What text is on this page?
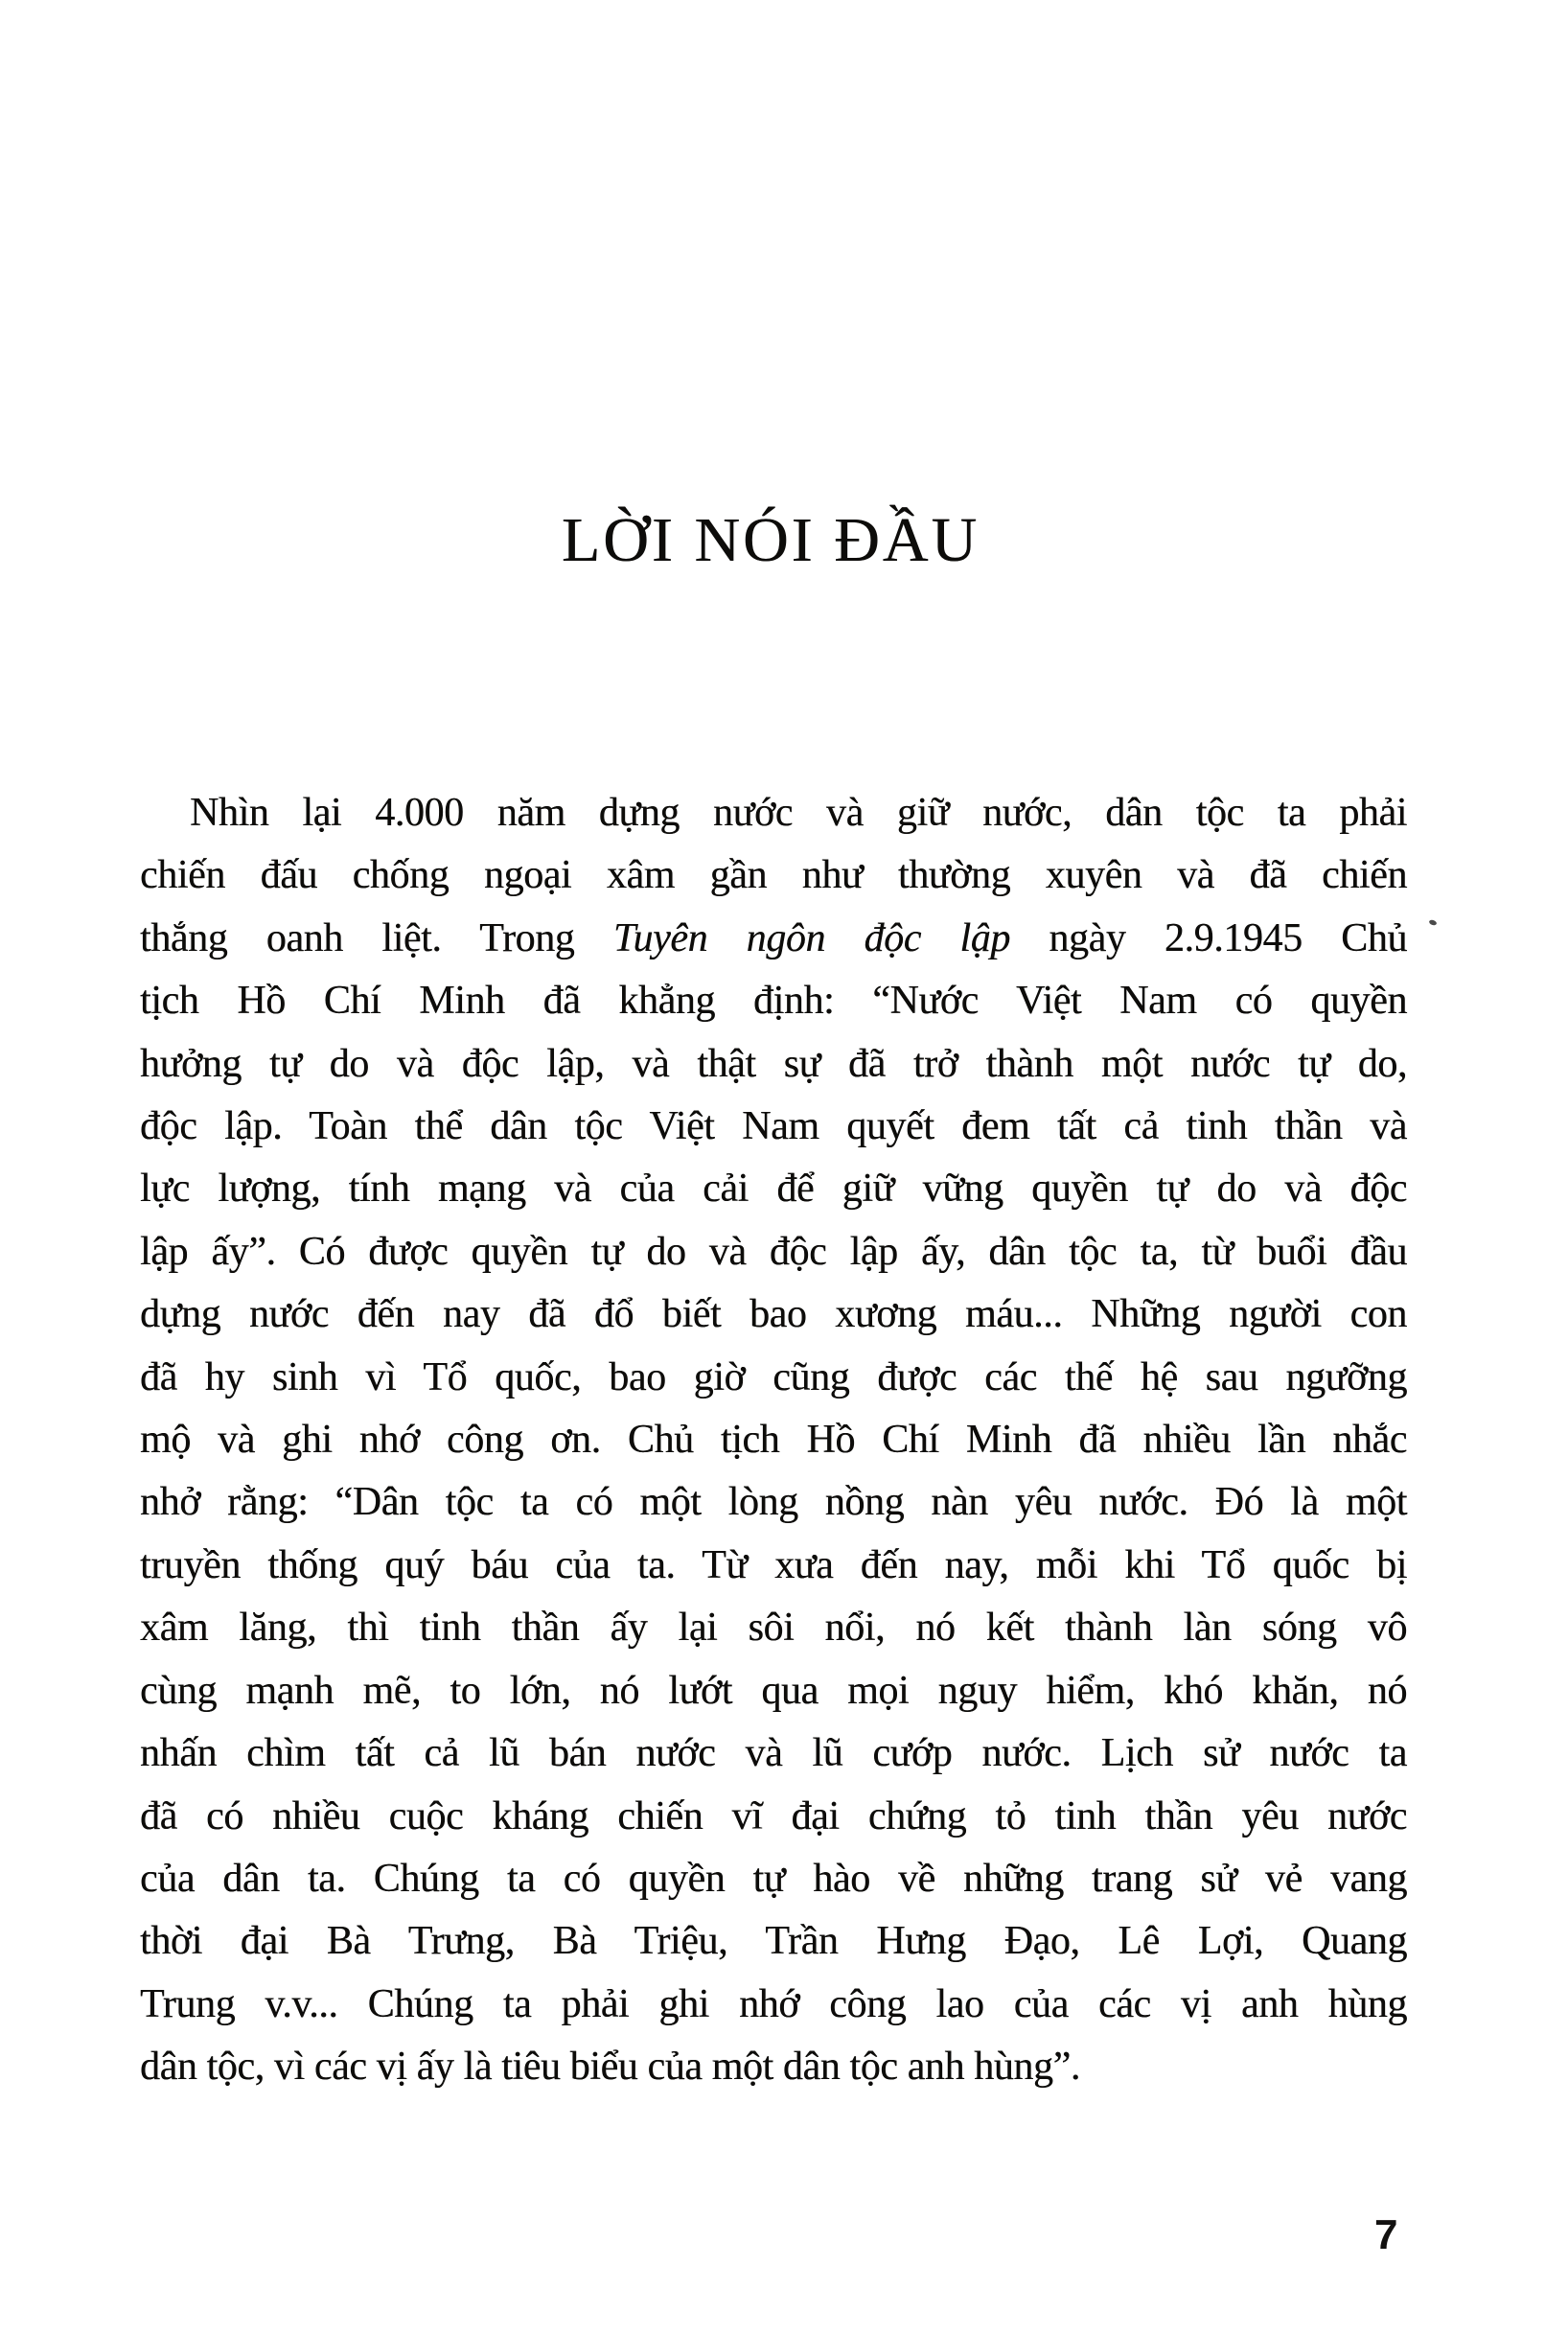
LỜI NÓI ĐẦU
Nhìn lại 4.000 năm dựng nước và giữ nước, dân tộc ta phải
chiến đấu chống ngoại xâm gần như thường xuyên và đã chiến
thắng oanh liệt. Trong Tuyên ngôn độc lập ngày 2.9.1945 Chủ
tịch Hồ Chí Minh đã khẳng định: “Nước Việt Nam có quyền
hưởng tự do và độc lập, và thật sự đã trở thành một nước tự do,
độc lập. Toàn thể dân tộc Việt Nam quyết đem tất cả tinh thần và
lực lượng, tính mạng và của cải để giữ vững quyền tự do và độc
lập ấy”. Có được quyền tự do và độc lập ấy, dân tộc ta, từ buổi đầu
dựng nước đến nay đã đổ biết bao xương máu... Những người con
đã hy sinh vì Tổ quốc, bao giờ cũng được các thế hệ sau ngưỡng
mộ và ghi nhớ công ơn. Chủ tịch Hồ Chí Minh đã nhiều lần nhắc
nhở rằng: “Dân tộc ta có một lòng nồng nàn yêu nước. Đó là một
truyền thống quý báu của ta. Từ xưa đến nay, mỗi khi Tổ quốc bị
xâm lăng, thì tinh thần ấy lại sôi nổi, nó kết thành làn sóng vô
cùng mạnh mẽ, to lớn, nó lướt qua mọi nguy hiểm, khó khăn, nó
nhấn chìm tất cả lũ bán nước và lũ cướp nước. Lịch sử nước ta
đã có nhiều cuộc kháng chiến vĩ đại chứng tỏ tinh thần yêu nước
của dân ta. Chúng ta có quyền tự hào về những trang sử vẻ vang
thời đại Bà Trưng, Bà Triệu, Trần Hưng Đạo, Lê Lợi, Quang
Trung v.v... Chúng ta phải ghi nhớ công lao của các vị anh hùng
dân tộc, vì các vị ấy là tiêu biểu của một dân tộc anh hùng”.
7
